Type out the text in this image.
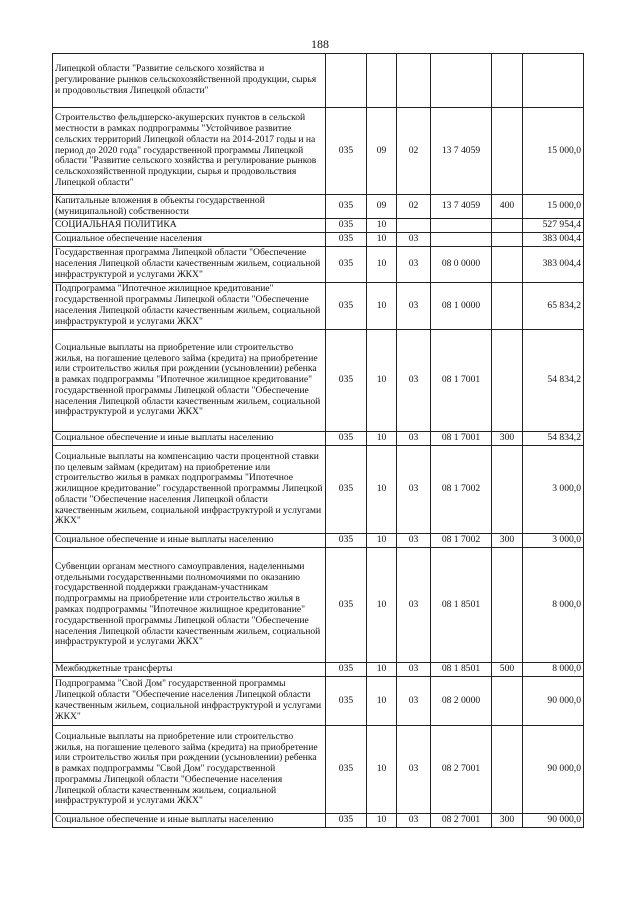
188
Липецкой области "Развитие сельского хозяйства и регулирование рынков сельскохозяйственной продукции, сырья и продовольствия Липецкой области"						
Строительство фельдшерско-акушерских пунктов в сельской местности в рамках подпрограммы "Устойчивое развитие сельских территорий Липецкой области на 2014-2017 годы и на период до 2020 года" государственной программы Липецкой области "Развитие сельского хозяйства и регулирование рынков сельскохозяйственной продукции, сырья и продовольствия Липецкой области"	035	09	02	13 7 4059		15 000,0
Капитальные вложения в объекты государственной (муниципальной) собственности	035	09	02	13 7 4059	400	15 000,0
СОЦИАЛЬНАЯ ПОЛИТИКА	035	10				527 954,4
Социальное обеспечение населения	035	10	03			383 004,4
Государственная программа Липецкой области "Обеспечение населения Липецкой области качественным жильем, социальной инфраструктурой и услугами ЖКХ"	035	10	03	08 0 0000		383 004,4
Подпрограмма "Ипотечное жилищное кредитование" государственной программы Липецкой области "Обеспечение населения Липецкой области качественным жильем, социальной инфраструктурой и услугами ЖКХ"	035	10	03	08 1 0000		65 834,2
Социальные выплаты на приобретение или строительство жилья, на погашение целевого займа (кредита) на приобретение или строительство жилья при рождении (усыновлении) ребенка в рамках подпрограммы "Ипотечное жилищное кредитование" государственной программы Липецкой области "Обеспечение населения Липецкой области качественным жильем, социальной инфраструктурой и услугами ЖКХ"	035	10	03	08 1 7001		54 834,2
Социальное обеспечение и иные выплаты населению	035	10	03	08 1 7001	300	54 834,2
Социальные выплаты на компенсацию части процентной ставки по целевым займам (кредитам) на приобретение или строительство жилья в рамках подпрограммы "Ипотечное жилищное кредитование" государственной программы Липецкой области "Обеспечение населения Липецкой области качественным жильем, социальной инфраструктурой и услугами ЖКХ"	035	10	03	08 1 7002		3 000,0
Социальное обеспечение и иные выплаты населению	035	10	03	08 1 7002	300	3 000,0
Субвенции органам местного самоуправления, наделенными отдельными государственными полномочиями по оказанию государственной поддержки гражданам-участникам подпрограммы на приобретение или строительство жилья в рамках подпрограммы "Ипотечное жилищное кредитование" государственной программы Липецкой области "Обеспечение населения Липецкой области качественным жильем, социальной инфраструктурой и услугами ЖКХ"	035	10	03	08 1 8501		8 000,0
Межбюджетные трансферты	035	10	03	08 1 8501	500	8 000,0
Подпрограмма "Свой Дом" государственной программы Липецкой области "Обеспечение населения Липецкой области качественным жильем, социальной инфраструктурой и услугами ЖКХ"	035	10	03	08 2 0000		90 000,0
Социальные выплаты на приобретение или строительство жилья, на погашение целевого займа (кредита) на приобретение или строительство жилья при рождении (усыновлении) ребенка в рамках подпрограммы "Свой Дом" государственной программы Липецкой области "Обеспечение населения Липецкой области качественным жильем, социальной инфраструктурой и услугами ЖКХ"	035	10	03	08 2 7001		90 000,0
Социальное обеспечение и иные выплаты населению	035	10	03	08 2 7001	300	90 000,0
